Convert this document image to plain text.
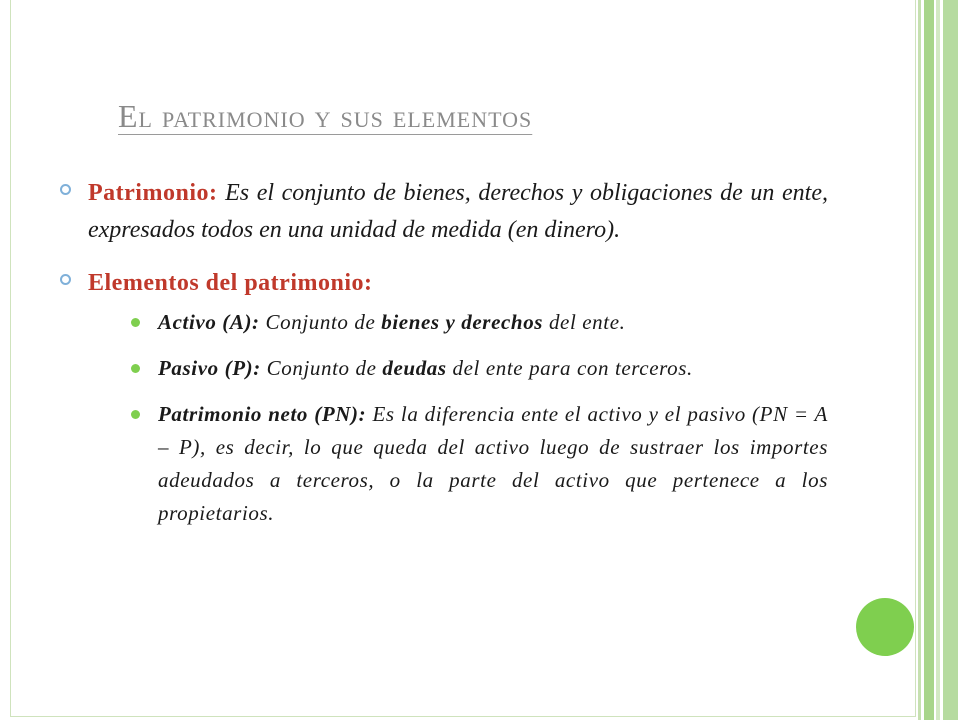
El patrimonio y sus elementos
Patrimonio: Es el conjunto de bienes, derechos y obligaciones de un ente, expresados todos en una unidad de medida (en dinero).
Elementos del patrimonio:
Activo (A): Conjunto de bienes y derechos del ente.
Pasivo (P): Conjunto de deudas del ente para con terceros.
Patrimonio neto (PN): Es la diferencia ente el activo y el pasivo (PN = A – P), es decir, lo que queda del activo luego de sustraer los importes adeudados a terceros, o la parte del activo que pertenece a los propietarios.
